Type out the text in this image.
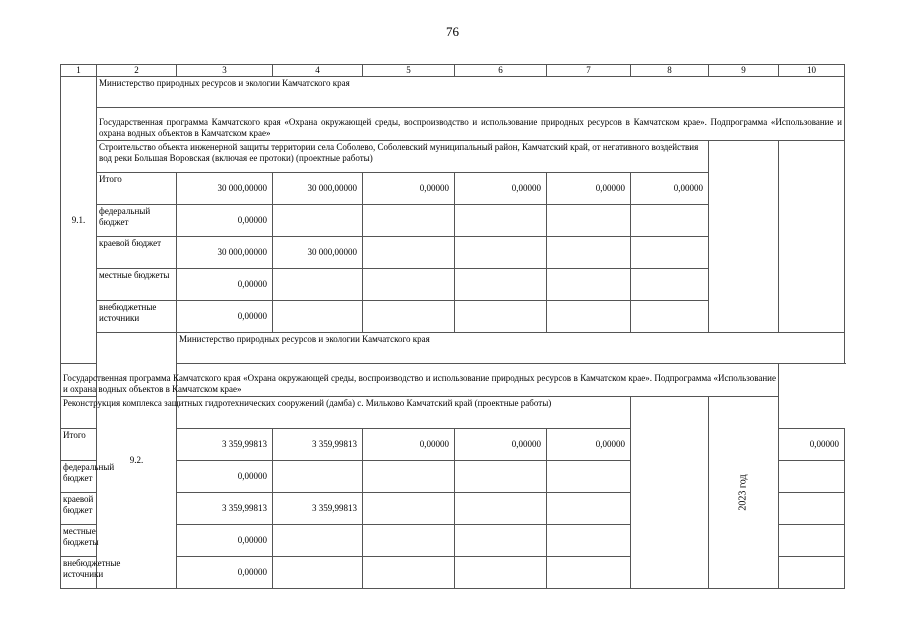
76
1	2	3	4	5	6	7	8	9	10
9.1.	Министерство природных ресурсов и экологии Камчатского края								
	Государственная программа Камчатского края «Охрана окружающей среды, воспроизводство и использование природных ресурсов в Камчатском крае». Подпрограмма «Использование и охрана водных объектов в Камчатском крае»								
	Строительство объекта инженерной защиты территории села Соболево, Соболевский муниципальный район, Камчатский край, от негативного воздействия вод реки Большая Воровская (включая ее протоки) (проектные работы)								
	Итого	30 000,00000	30 000,00000	0,00000	0,00000	0,00000	0,00000		
	федеральный бюджет	0,00000							
	краевой бюджет	30 000,00000	30 000,00000						
	местные бюджеты	0,00000							
	внебюджетные источники	0,00000							
	9.2.	Министерство природных ресурсов и экологии Камчатского края							
Государственная программа Камчатского края «Охрана окружающей среды, воспроизводство и использование природных ресурсов в Камчатском крае». Подпрограмма «Использование и охрана водных объектов в Камчатском крае»									
Реконструкция комплекса защитных гидротехнических сооружений (дамба) с. Мильково Камчатский край (проектные работы)								2023 год	
Итого		3 359,99813	3 359,99813	0,00000	0,00000	0,00000			0,00000
федеральный бюджет		0,00000							
краевой бюджет		3 359,99813	3 359,99813						
местные бюджеты		0,00000							
внебюджетные источники		0,00000							
